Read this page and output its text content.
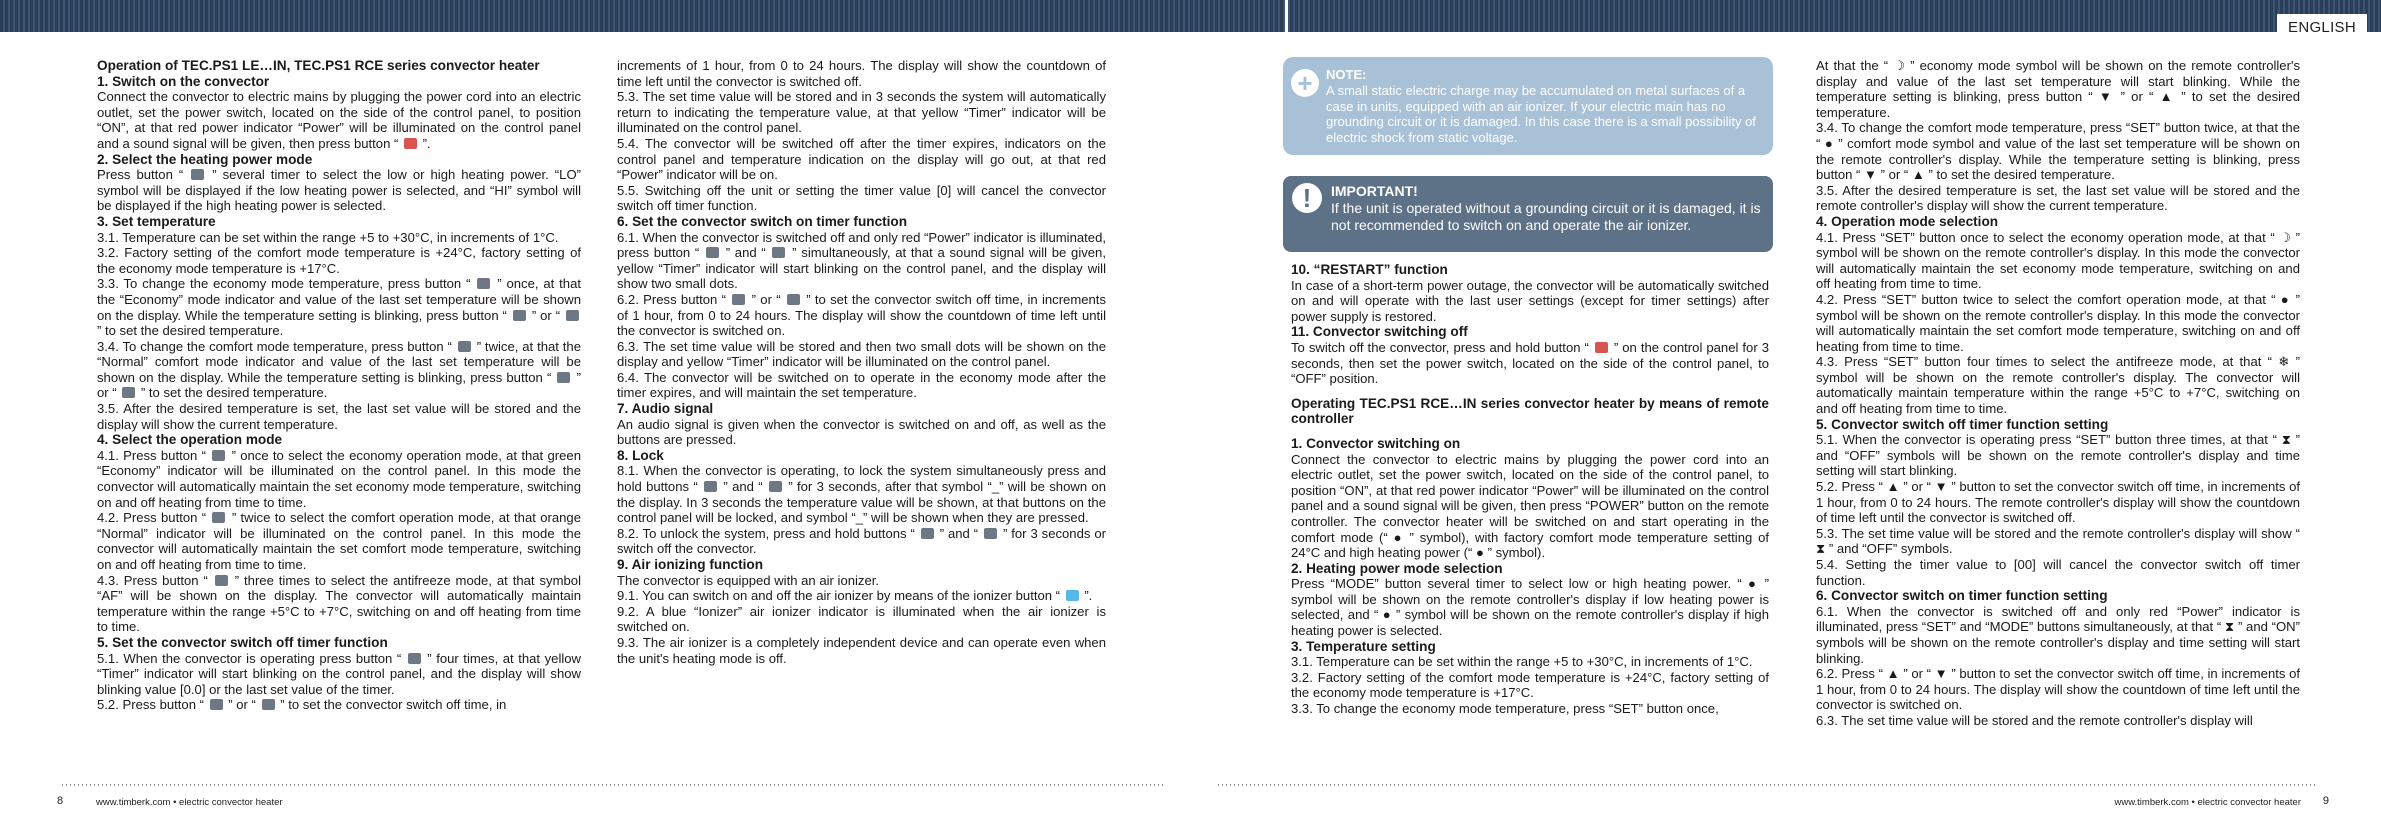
ENGLISH

Operation of TEC.PS1 LE…IN, TEC.PS1 RCE series convector heater

1. Switch on the convector

Connect the convector to electric mains by plugging the power cord into an electric outlet, set the power switch, located on the side of the control panel, to position “ON”, at that red power indicator “Power” will be illuminated on the control panel and a sound signal will be given, then press button “  ”.

2. Select the heating power mode

Press button “  ” several timer to select the low or high heating power. “LO” symbol will be displayed if the low heating power is selected, and “HI” symbol will be displayed if the high heating power is selected.

3. Set temperature

3.1. Temperature can be set within the range +5 to +30°C, in increments of 1°C.

3.2. Factory setting of the comfort mode temperature is +24°C, factory setting of the economy mode temperature is +17°C.

3.3. To change the economy mode temperature, press button “  ” once, at that the “Economy” mode indicator and value of the last set temperature will be shown on the display. While the temperature setting is blinking, press button “  ” or “  ” to set the desired temperature.

3.4. To change the comfort mode temperature, press button “  ” twice, at that the “Normal” comfort mode indicator and value of the last set temperature will be shown on the display. While the temperature setting is blinking, press button “  ” or “  ” to set the desired temperature.

3.5. After the desired temperature is set, the last set value will be stored and the display will show the current temperature.

4. Select the operation mode

4.1. Press button “  ” once to select the economy operation mode, at that green “Economy” indicator will be illuminated on the control panel. In this mode the convector will automatically maintain the set economy mode temperature, switching on and off heating from time to time.

4.2. Press button “  ” twice to select the comfort operation mode, at that orange “Normal” indicator will be illuminated on the control panel. In this mode the convector will automatically maintain the set comfort mode temperature, switching on and off heating from time to time.

4.3. Press button “  ” three times to select the antifreeze mode, at that symbol “AF” will be shown on the display. The convector will automatically maintain temperature within the range +5°C to +7°C, switching on and off heating from time to time.

5. Set the convector switch off timer function

5.1. When the convector is operating press button “  ” four times, at that yellow “Timer” indicator will start blinking on the control panel, and the display will show blinking value [0.0] or the last set value of the timer.

5.2. Press button “  ” or “  ” to set the convector switch off time, in

increments of 1 hour, from 0 to 24 hours. The display will show the countdown of time left until the convector is switched off.

5.3. The set time value will be stored and in 3 seconds the system will automatically return to indicating the temperature value, at that yellow “Timer” indicator will be illuminated on the control panel.

5.4. The convector will be switched off after the timer expires, indicators on the control panel and temperature indication on the display will go out, at that red “Power” indicator will be on.

5.5. Switching off the unit or setting the timer value [0] will cancel the convector switch off timer function.

6. Set the convector switch on timer function

6.1. When the convector is switched off and only red “Power” indicator is illuminated, press button “  ” and “  ” simultaneously, at that a sound signal will be given, yellow “Timer” indicator will start blinking on the control panel, and the display will show two small dots.

6.2. Press button “  ” or “  ” to set the convector switch off time, in increments of 1 hour, from 0 to 24 hours. The display will show the countdown of time left until the convector is switched on.

6.3. The set time value will be stored and then two small dots will be shown on the display and yellow “Timer” indicator will be illuminated on the control panel.

6.4. The convector will be switched on to operate in the economy mode after the timer expires, and will maintain the set temperature.

7. Audio signal

An audio signal is given when the convector is switched on and off, as well as the buttons are pressed.

8. Lock

8.1. When the convector is operating, to lock the system simultaneously press and hold buttons “  ” and “  ” for 3 seconds, after that symbol “_” will be shown on the display. In 3 seconds the temperature value will be shown, at that buttons on the control panel will be locked, and symbol “_” will be shown when they are pressed.

8.2. To unlock the system, press and hold buttons “  ” and “  ” for 3 seconds or switch off the convector.

9. Air ionizing function

The convector is equipped with an air ionizer.

9.1. You can switch on and off the air ionizer by means of the ionizer button “  ”.

9.2. A blue “Ionizer” air ionizer indicator is illuminated when the air ionizer is switched on.

9.3. The air ionizer is a completely independent device and can operate even when the unit's heating mode is off.

+	NOTE:
A small static electric charge may be accumulated on metal surfaces of a case in units, equipped with an air ionizer. If your electric main has no grounding circuit or it is damaged. In this case there is a small possibility of electric shock from static voltage.
!	IMPORTANT!
If the unit is operated without a grounding circuit or it is damaged, it is not recommended to switch on and operate the air ionizer.

10. “RESTART” function

In case of a short-term power outage, the convector will be automatically switched on and will operate with the last user settings (except for timer settings) after power supply is restored.

11. Convector switching off

To switch off the convector, press and hold button “  ” on the control panel for 3 seconds, then set the power switch, located on the side of the control panel, to “OFF” position.

Operating TEC.PS1 RCE…IN series convector heater by means of remote controller

1. Convector switching on

Connect the convector to electric mains by plugging the power cord into an electric outlet, set the power switch, located on the side of the control panel, to position “ON”, at that red power indicator “Power” will be illuminated on the control panel and a sound signal will be given, then press “POWER” button on the remote controller. The convector heater will be switched on and start operating in the comfort mode (“ ● ” symbol), with factory comfort mode temperature setting of 24°C and high heating power (“ ● ” symbol).

2. Heating power mode selection

Press “MODE” button several timer to select low or high heating power. “ ● ” symbol will be shown on the remote controller's display if low heating power is selected, and “ ● ” symbol will be shown on the remote controller's display if high heating power is selected.

3. Temperature setting

3.1. Temperature can be set within the range +5 to +30°C, in increments of 1°C.

3.2. Factory setting of the comfort mode temperature is +24°C, factory setting of the economy mode temperature is +17°C.

3.3. To change the economy mode temperature, press “SET” button once,

At that the “ ☽ ” economy mode symbol will be shown on the remote controller's display and value of the last set temperature will start blinking. While the temperature setting is blinking, press button “ ▼ ” or “ ▲ ” to set the desired temperature.

3.4. To change the comfort mode temperature, press “SET” button twice, at that the “ ● ” comfort mode symbol and value of the last set temperature will be shown on the remote controller's display. While the temperature setting is blinking, press button “ ▼ ” or “ ▲ ” to set the desired temperature.

3.5. After the desired temperature is set, the last set value will be stored and the remote controller's display will show the current temperature.

4. Operation mode selection

4.1. Press “SET” button once to select the economy operation mode, at that “ ☽ ” symbol will be shown on the remote controller's display. In this mode the convector will automatically maintain the set economy mode temperature, switching on and off heating from time to time.

4.2. Press “SET” button twice to select the comfort operation mode, at that “ ● ” symbol will be shown on the remote controller's display. In this mode the convector will automatically maintain the set comfort mode temperature, switching on and off heating from time to time.

4.3. Press “SET” button four times to select the antifreeze mode, at that “ ❄ ” symbol will be shown on the remote controller's display. The convector will automatically maintain temperature within the range +5°C to +7°C, switching on and off heating from time to time.

5. Convector switch off timer function setting

5.1. When the convector is operating press “SET” button three times, at that “ ⧗ ” and “OFF” symbols will be shown on the remote controller's display and time setting will start blinking.

5.2. Press “ ▲ ” or “ ▼ ” button to set the convector switch off time, in increments of 1 hour, from 0 to 24 hours. The remote controller's display will show the countdown of time left until the convector is switched off.

5.3. The set time value will be stored and the remote controller's display will show “ ⧗ ” and “OFF” symbols.

5.4. Setting the timer value to [00] will cancel the convector switch off timer function.

6. Convector switch on timer function setting

6.1. When the convector is switched off and only red “Power” indicator is illuminated, press “SET” and “MODE” buttons simultaneously, at that “ ⧗ ” and “ON” symbols will be shown on the remote controller's display and time setting will start blinking.

6.2. Press “ ▲ ” or “ ▼ ” button to set the convector switch off time, in increments of 1 hour, from 0 to 24 hours. The display will show the countdown of time left until the convector is switched on.

6.3. The set time value will be stored and the remote controller's display will

8	www.timberk.com • electric convector heater	www.timberk.com • electric convector heater 9
